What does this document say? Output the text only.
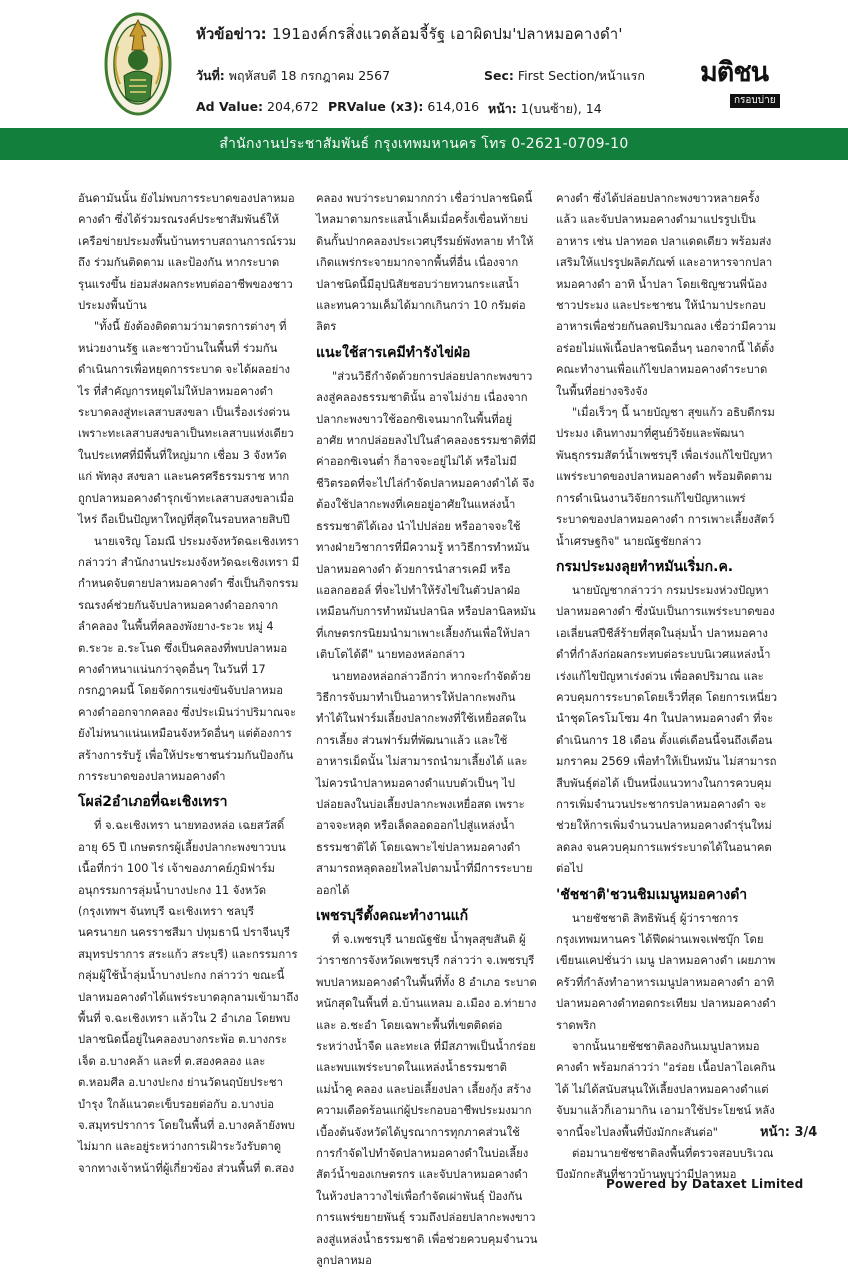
หัวข้อข่าว: 191องค์กรสิ่งแวดล้อมจี้รัฐ เอาผิดปม'ปลาหมอคางดำ'
วันที่: พฤหัสบดี 18 กรกฎาคม 2567	Sec: First Section/หน้าแรก
Ad Value: 204,672 PRValue (x3): 614,016 หน้า: 1(บนซ้าย), 14
มติชน
กรอบบ่าย
สำนักงานประชาสัมพันธ์ กรุงเทพมหานคร โทร 0-2621-0709-10

อันดามันนั้น ยังไม่พบการระบาดของปลาหมอคางดำ ซึ่งได้ร่วมรณรงค์ประชาสัมพันธ์ให้เครือข่ายประมงพื้นบ้านทราบสถานการณ์รวมถึง ร่วมกันติดตาม และป้องกัน หากระบาดรุนแรงขึ้น ย่อมส่งผลกระทบต่ออาชีพของชาวประมงพื้นบ้าน

"ทั้งนี้ ยังต้องติดตามว่ามาตรการต่างๆ ที่หน่วยงานรัฐ และชาวบ้านในพื้นที่ ร่วมกันดำเนินการเพื่อหยุดการระบาด จะได้ผลอย่างไร ที่สำคัญการหยุดไม่ให้ปลาหมอคางดำระบาดลงสู่ทะเลสาบสงขลา เป็นเรื่องเร่งด่วน เพราะทะเลสาบสงขลาเป็นทะเลสาบแห่งเดียวในประเทศที่มีพื้นที่ใหญ่มาก เชื่อม 3 จังหวัด แก่ พัทลุง สงขลา และนครศรีธรรมราช หากถูกปลาหมอคางดำรุกเข้าทะเลสาบสงขลาเมื่อไหร่ ถือเป็นปัญหาใหญ่ที่สุดในรอบหลายสิบปี

นายเจริญ โอมณี ประมงจังหวัดฉะเชิงเทรา กล่าวว่า สำนักงานประมงจังหวัดฉะเชิงเทรา มีกำหนดจับตายปลาหมอคางดำ ซึ่งเป็นกิจกรรมรณรงค์ช่วยกันจับปลาหมอคางดำออกจากลำคลอง ในพื้นที่คลองพังยาง-ระวะ หมู่ 4 ต.ระวะ อ.ระโนด ซึ่งเป็นคลองที่พบปลาหมอคางดำหนาแน่นกว่าจุดอื่นๆ ในวันที่ 17 กรกฎาคมนี้ โดยจัดการแข่งขันจับปลาหมอคางดำออกจากคลอง ซึ่งประเมินว่าปริมาณจะยังไม่หนาแน่นเหมือนจังหวัดอื่นๆ แต่ต้องการสร้างการรับรู้ เพื่อให้ประชาชนร่วมกันป้องกันการระบาดของปลาหมอคางดำ

โผล่2อำเภอที่ฉะเชิงเทรา

ที่ จ.ฉะเชิงเทรา นายทองหล่อ เฉยสวัสดิ์ อายุ 65 ปี เกษตรกรผู้เลี้ยงปลากะพงขาวบนเนื้อที่กว่า 100 ไร่ เจ้าของภาคย์ภูมิฟาร์ม อนุกรรมการลุ่มน้ำบางปะกง 11 จังหวัด (กรุงเทพฯ จันทบุรี ฉะเชิงเทรา ชลบุรี นครนายก นครราชสีมา ปทุมธานี ปราจีนบุรี สมุทรปราการ สระแก้ว สระบุรี) และกรรมการกลุ่มผู้ใช้น้ำลุ่มน้ำบางปะกง กล่าวว่า ขณะนี้ปลาหมอคางดำได้แพร่ระบาดลุกลามเข้ามาถึงพื้นที่ จ.ฉะเชิงเทรา แล้วใน 2 อำเภอ โดยพบปลาชนิดนี้อยู่ในคลองบางกระพ้อ ต.บางกระเจ็ด อ.บางคล้า และที่ ต.สองคลอง และ ต.หอมศีล อ.บางปะกง ย่านวัดนฤบัยประชาบำรุง ใกล้แนวตะเข็บรอยต่อกับ อ.บางบ่อ จ.สมุทรปราการ โดยในพื้นที่ อ.บางคล้ายังพบไม่มาก และอยู่ระหว่างการเฝ้าระวังรับตาดูจากทางเจ้าหน้าที่ผู้เกี่ยวข้อง ส่วนพื้นที่ ต.สอง

คลอง พบว่าระบาดมากกว่า เชื่อว่าปลาชนิดนี้ไหลมาตามกระแสน้ำเค็มเมื่อครั้งเขื่อนท้ายบ่ดินกั้นปากคลองประเวศบุรีรมย์พังทลาย ทำให้เกิดแพร่กระจายมากจากพื้นที่อื่น เนื่องจากปลาชนิดนี้มีอุปนิสัยชอบว่ายทวนกระแสน้ำ และทนความเค็มได้มากเกินกว่า 10 กรัมต่อลิตร

แนะใช้สารเคมีทำรังไข่ฝ่อ

"ส่วนวิธีกำจัดด้วยการปล่อยปลากะพงขาวลงสู่คลองธรรมชาตินั้น อาจไม่ง่าย เนื่องจากปลากะพงขาวใช้ออกซิเจนมากในพื้นที่อยู่อาศัย หากปล่อยลงไปในลำคลองธรรมชาติที่มีค่าออกซิเจนต่ำ ก็อาจจะอยู่ไม่ได้ หรือไม่มีชีวิตรอดที่จะไปไล่กำจัดปลาหมอคางดำได้ จึงต้องใช้ปลากะพงที่เคยอยู่อาศัยในแหล่งน้ำธรรมชาติได้เอง นำไปปล่อย หรืออาจจะใช้ทางฝ่ายวิชาการที่มีความรู้ หาวิธีการทำหมันปลาหมอคางดำ ด้วยการนำสารเคมี หรือแอลกอฮอล์ ที่จะไปทำให้รังไข่ในตัวปลาฝ่อเหมือนกับการทำหมันปลานิล หรือปลานิลหมันที่เกษตรกรนิยมนำมาเพาะเลี้ยงกันเพื่อให้ปลาเติบโตได้ดี" นายทองหล่อกล่าว

นายทองหล่อกล่าวอีกว่า หากจะกำจัดด้วยวิธีการจับมาทำเป็นอาหารให้ปลากะพงกินทำได้ในฟาร์มเลี้ยงปลากะพงที่ใช้เหยื่อสดในการเลี้ยง ส่วนฟาร์มที่พัฒนาแล้ว และใช้อาหารเม็ดนั้น ไม่สามารถนำมาเลี้ยงได้ และไม่ควรนำปลาหมอคางดำแบบตัวเป็นๆ ไปปล่อยลงในบ่อเลี้ยงปลากะพงเหยื่อสด เพราะอาจจะหลุด หรือเล็ดลอดออกไปสู่แหล่งน้ำธรรมชาติได้ โดยเฉพาะไข่ปลาหมอคางดำ สามารถหลุดลอยไหลไปตามน้ำที่มีการระบายออกได้

เพชรบุรีตั้งคณะทำงานแก้

ที่ จ.เพชรบุรี นายณัฐชัย น้ำพุลสุขสันติ ผู้ว่าราชการจังหวัดเพชรบุรี กล่าวว่า จ.เพชรบุรี พบปลาหมอคางดำในพื้นที่ทั้ง 8 อำเภอ ระบาดหนักสุดในพื้นที่ อ.บ้านแหลม อ.เมือง อ.ท่ายาง และ อ.ชะอำ โดยเฉพาะพื้นที่เขตติดต่อระหว่างน้ำจืด และทะเล ที่มีสภาพเป็นน้ำกร่อย และพบแพร่ระบาดในแหล่งน้ำธรรมชาติ แม่น้ำคู คลอง และบ่อเลี้ยงปลา เลี้ยงกุ้ง สร้างความเดือดร้อนแก่ผู้ประกอบอาชีพประมงมาก เบื้องต้นจังหวัดได้บูรณาการทุกภาคส่วนใช้การกำจัดไปทำจัดปลาหมอคางดำในบ่อเลี้ยงสัตว์น้ำของเกษตรกร และจับปลาหมอคางดำในห้วงปลาวางไข่เพื่อกำจัดเผ่าพันธุ์ ป้องกันการแพร่ขยายพันธุ์ รวมถึงปล่อยปลากะพงขาวลงสู่แหล่งน้ำธรรมชาติ เพื่อช่วยควบคุมจำนวนลูกปลาหมอ

คางดำ ซึ่งได้ปล่อยปลากะพงขาวหลายครั้งแล้ว และจับปลาหมอคางดำมาแปรรูปเป็นอาหาร เช่น ปลาทอด ปลาแดดเดียว พร้อมส่งเสริมให้แปรรูปผลิตภัณฑ์ และอาหารจากปลาหมอคางดำ อาทิ น้ำปลา โดยเชิญชวนพี่น้องชาวประมง และประชาชน ให้นำมาประกอบอาหารเพื่อช่วยกันลดปริมาณลง เชื่อว่ามีความอร่อยไม่แพ้เนื้อปลาชนิดอื่นๆ นอกจากนี้ ได้ตั้งคณะทำงานเพื่อแก้ไขปลาหมอคางดำระบาดในพื้นที่อย่างจริงจัง

"เมื่อเร็วๆ นี้ นายบัญชา สุขแก้ว อธิบดีกรมประมง เดินทางมาที่ศูนย์วิจัยและพัฒนาพันธุกรรมสัตว์น้ำเพชรบุรี เพื่อเร่งแก้ไขปัญหาแพร่ระบาดของปลาหมอคางดำ พร้อมติดตามการดำเนินงานวิจัยการแก้ไขปัญหาแพร่ระบาดของปลาหมอคางดำ การเพาะเลี้ยงสัตว์น้ำเศรษฐกิจ" นายณัฐชัยกล่าว

กรมประมงลุยทำหมันเริ่มก.ค.

นายบัญชากล่าวว่า กรมประมงห่วงปัญหาปลาหมอคางดำ ซึ่งนับเป็นการแพร่ระบาดของเอเลี่ยนสปีชีส์ร้ายที่สุดในลุ่มน้ำ ปลาหมอคางดำที่กำลังก่อผลกระทบต่อระบบนิเวศแหล่งน้ำ เร่งแก้ไขปัญหาเร่งด่วน เพื่อลดปริมาณ และควบคุมการระบาดโดยเร็วที่สุด โดยการเหนี่ยวนำชุดโครโมโซม 4n ในปลาหมอคางดำ ที่จะดำเนินการ 18 เดือน ตั้งแต่เดือนนี้จนถึงเดือนมกราคม 2569 เพื่อทำให้เป็นหมัน ไม่สามารถสืบพันธุ์ต่อได้ เป็นหนึ่งแนวทางในการควบคุมการเพิ่มจำนวนประชากรปลาหมอคางดำ จะช่วยให้การเพิ่มจำนวนปลาหมอคางดำรุ่นใหม่ลดลง จนควบคุมการแพร่ระบาดได้ในอนาคตต่อไป

'ชัชชาติ'ชวนชิมเมนูหมอคางดำ

นายชัชชาติ สิทธิพันธุ์ ผู้ว่าราชการกรุงเทพมหานคร ได้ฟีดผ่านเพจเฟซบุ๊ก โดยเขียนแคปชั่นว่า เมนู ปลาหมอคางดำ เผยภาพครัวที่กำลังทำอาหารเมนูปลาหมอคางดำ อาทิ ปลาหมอคางดำทอดกระเทียม ปลาหมอคางดำราดพริก

จากนั้นนายชัชชาติลองกินเมนูปลาหมอคางดำ พร้อมกล่าวว่า "อร่อย เนื้อปลาไอเคกินได้ ไม่ได้สนับสนุนให้เลี้ยงปลาหมอคางดำแต่จับมาแล้วก็เอามากิน เอามาใช้ประโยชน์ หลังจากนี้จะไปลงพื้นที่บังมักกะสันต่อ"

ต่อมานายชัชชาติลงพื้นที่ตรวจสอบบริเวณบึงมักกะสันที่ชาวบ้านพบว่ามีปลาหมอ

หน้า: 3/4
Powered by Dataxet Limited
